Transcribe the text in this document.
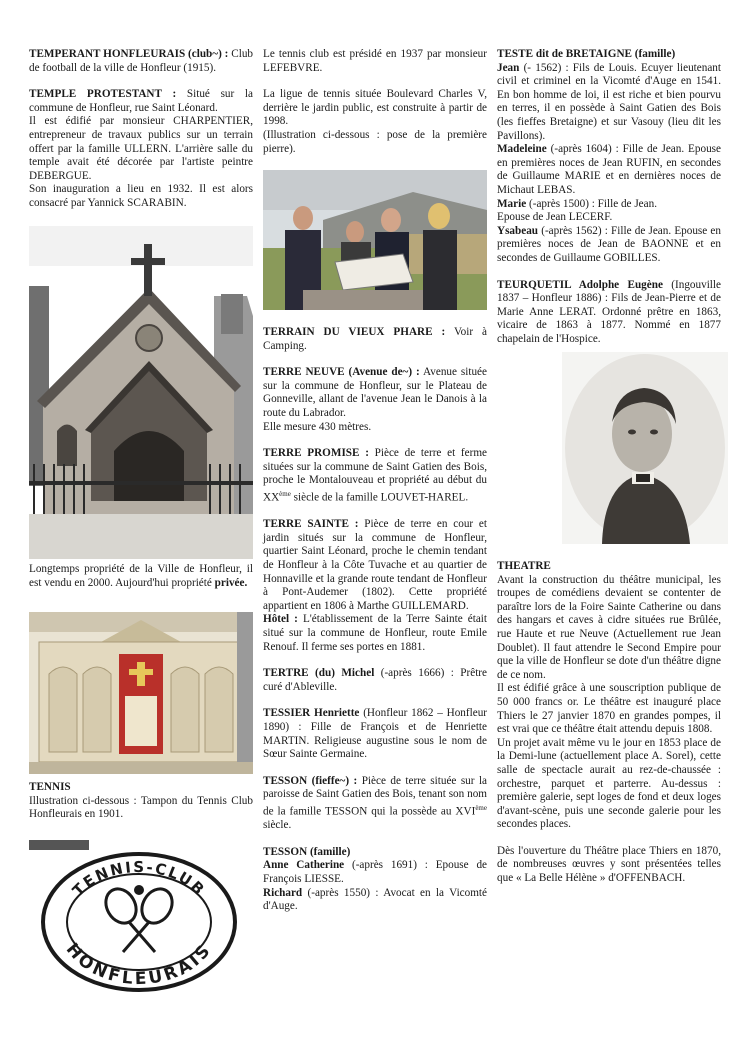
TEMPERANT HONFLEURAIS (club~) : Club de football de la ville de Honfleur (1915).

TEMPLE PROTESTANT : Situé sur la commune de Honfleur, rue Saint Léonard.

Il est édifié par monsieur CHARPENTIER, entrepreneur de travaux publics sur un terrain offert par la famille ULLERN. L'arrière salle du temple avait été décorée par l'artiste peintre DEBERGUE.

Son inauguration a lieu en 1932. Il est alors consacré par Yannick SCARABIN.

Longtemps propriété de la Ville de Honfleur, il est vendu en 2000. Aujourd'hui propriété privée.

TENNIS

Illustration ci-dessous : Tampon du Tennis Club Honfleurais en 1901.

TENNIS-CLUB
HONFLEURAIS

Le tennis club est présidé en 1937 par monsieur LEFEBVRE.

La ligue de tennis située Boulevard Charles V, derrière le jardin public, est construite à partir de 1998.

(Illustration ci-dessous : pose de la première pierre).

TERRAIN DU VIEUX PHARE : Voir à Camping.

TERRE NEUVE (Avenue de~) : Avenue située sur la commune de Honfleur, sur le Plateau de Gonneville, allant de l'avenue Jean le Danois à la route du Labrador.

Elle mesure 430 mètres.

TERRE PROMISE : Pièce de terre et ferme situées sur la commune de Saint Gatien des Bois, proche le Montalouveau et propriété au début du XXème siècle de la famille LOUVET-HAREL.

TERRE SAINTE : Pièce de terre en cour et jardin situés sur la commune de Honfleur, quartier Saint Léonard, proche le chemin tendant de Honfleur à la Côte Tuvache et au quartier de Honnaville et la grande route tendant de Honfleur à Pont-Audemer (1802). Cette propriété appartient en 1806 à Marthe GUILLEMARD.

Hôtel : L'établissement de la Terre Sainte était situé sur la commune de Honfleur, route Emile Renouf. Il ferme ses portes en 1881.

TERTRE (du) Michel (-après 1666) : Prêtre curé d'Ableville.

TESSIER Henriette (Honfleur 1862 – Honfleur 1890) : Fille de François et de Henriette MARTIN. Religieuse augustine sous le nom de Sœur Sainte Germaine.

TESSON (fieffe~) : Pièce de terre située sur la paroisse de Saint Gatien des Bois, tenant son nom de la famille TESSON qui la possède au XVIème siècle.

TESSON (famille)

Anne Catherine (-après 1691) : Epouse de François LIESSE.

Richard (-après 1550) : Avocat en la Vicomté d'Auge.

TESTE dit de BRETAIGNE (famille)

Jean (- 1562) : Fils de Louis. Ecuyer lieutenant civil et criminel en la Vicomté d'Auge en 1541. En bon homme de loi, il est riche et bien pourvu en terres, il en possède à Saint Gatien des Bois (les fieffes Bretaigne) et sur Vasouy (lieu dit les Pavillons).

Madeleine (-après 1604) : Fille de Jean. Epouse en premières noces de Jean RUFIN, en secondes de Guillaume MARIE et en dernières noces de Michaut LEBAS.

Marie (-après 1500) : Fille de Jean.

Epouse de Jean LECERF.

Ysabeau (-après 1562) : Fille de Jean. Epouse en premières noces de Jean de BAONNE et en secondes de Guillaume GOBILLES.

TEURQUETIL Adolphe Eugène (Ingouville 1837 – Honfleur 1886) : Fils de Jean-Pierre et de Marie Anne LERAT. Ordonné prêtre en 1863, vicaire de 1863 à 1877. Nommé en 1877 chapelain de l'Hospice.

THEATRE

Avant la construction du théâtre municipal, les troupes de comédiens devaient se contenter de paraître lors de la Foire Sainte Catherine ou dans des hangars et caves à cidre situées rue Brûlée, rue Haute et rue Neuve (Actuellement rue Jean Doublet). Il faut attendre le Second Empire pour que la ville de Honfleur se dote d'un théâtre digne de ce nom.

Il est édifié grâce à une souscription publique de 50 000 francs or. Le théâtre est inauguré place Thiers le 27 janvier 1870 en grandes pompes, il est vrai que ce théâtre était attendu depuis 1808.

Un projet avait même vu le jour en 1853 place de la Demi-lune (actuellement place A. Sorel), cette salle de spectacle aurait au rez-de-chaussée : orchestre, parquet et parterre. Au-dessus : première galerie, sept loges de fond et deux loges d'avant-scène, puis une seconde galerie pour les secondes places.

Dès l'ouverture du Théâtre place Thiers en 1870, de nombreuses œuvres y sont présentées telles que « La Belle Hélène » d'OFFENBACH.
